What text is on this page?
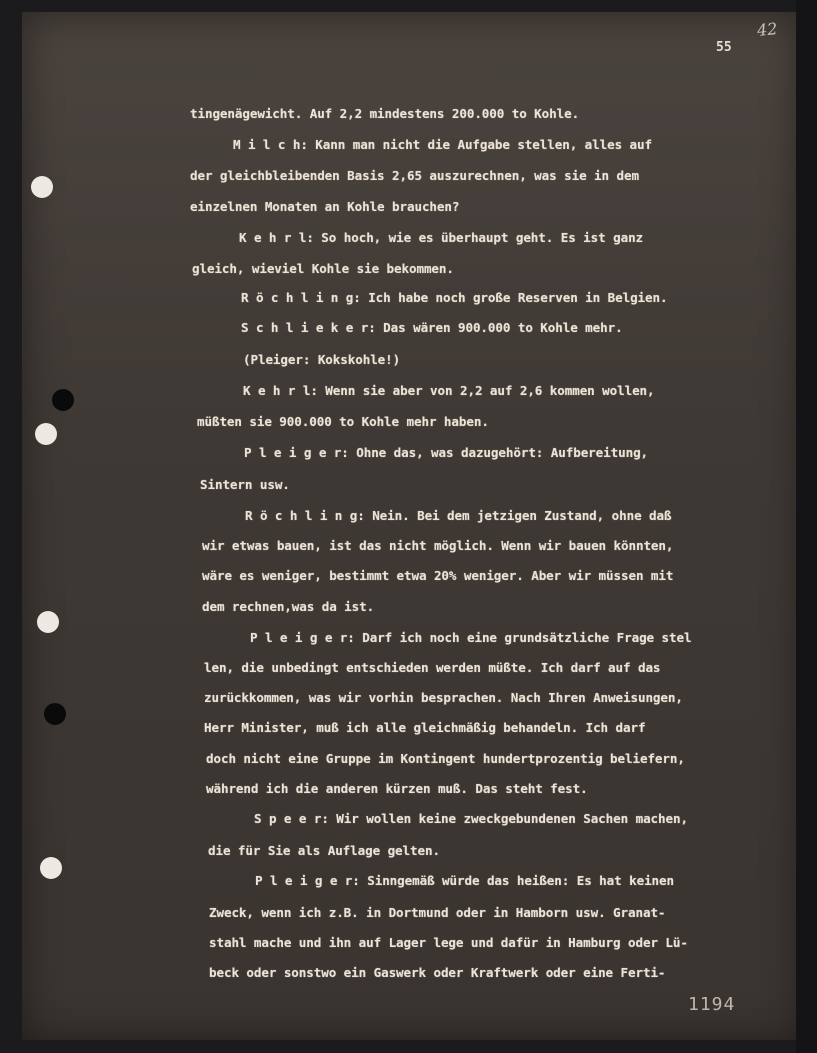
42
55
tingenägewicht. Auf 2,2 mindestens 200.000 to Kohle.
M i l c h: Kann man nicht die Aufgabe stellen, alles auf
der gleichbleibenden Basis 2,65 auszurechnen, was sie in dem
einzelnen Monaten an Kohle brauchen?
K e h r l: So hoch, wie es überhaupt geht. Es ist ganz
gleich, wieviel Kohle sie bekommen.
R ö c h l i n g: Ich habe noch große Reserven in Belgien.
S c h l i e k e r: Das wären 900.000 to Kohle mehr.
(Pleiger: Kokskohle!)
K e h r l: Wenn sie aber von 2,2 auf 2,6 kommen wollen,
müßten sie 900.000 to Kohle mehr haben.
P l e i g e r: Ohne das, was dazugehört: Aufbereitung,
Sintern usw.
R ö c h l i n g: Nein. Bei dem jetzigen Zustand, ohne daß
wir etwas bauen, ist das nicht möglich. Wenn wir bauen könnten,
wäre es weniger, bestimmt etwa 20% weniger. Aber wir müssen mit
dem rechnen,was da ist.
P l e i g e r: Darf ich noch eine grundsätzliche Frage stel
len, die unbedingt entschieden werden müßte. Ich darf auf das
zurückkommen, was wir vorhin besprachen. Nach Ihren Anweisungen,
Herr Minister, muß ich alle gleichmäßig behandeln. Ich darf
doch nicht eine Gruppe im Kontingent hundertprozentig beliefern,
während ich die anderen kürzen muß. Das steht fest.
S p e e r: Wir wollen keine zweckgebundenen Sachen machen,
die für Sie als Auflage gelten.
P l e i g e r: Sinngemäß würde das heißen: Es hat keinen
Zweck, wenn ich z.B. in Dortmund oder in Hamborn usw. Granat-
stahl mache und ihn auf Lager lege und dafür in Hamburg oder Lü-
beck oder sonstwo ein Gaswerk oder Kraftwerk oder eine Ferti-
1194
